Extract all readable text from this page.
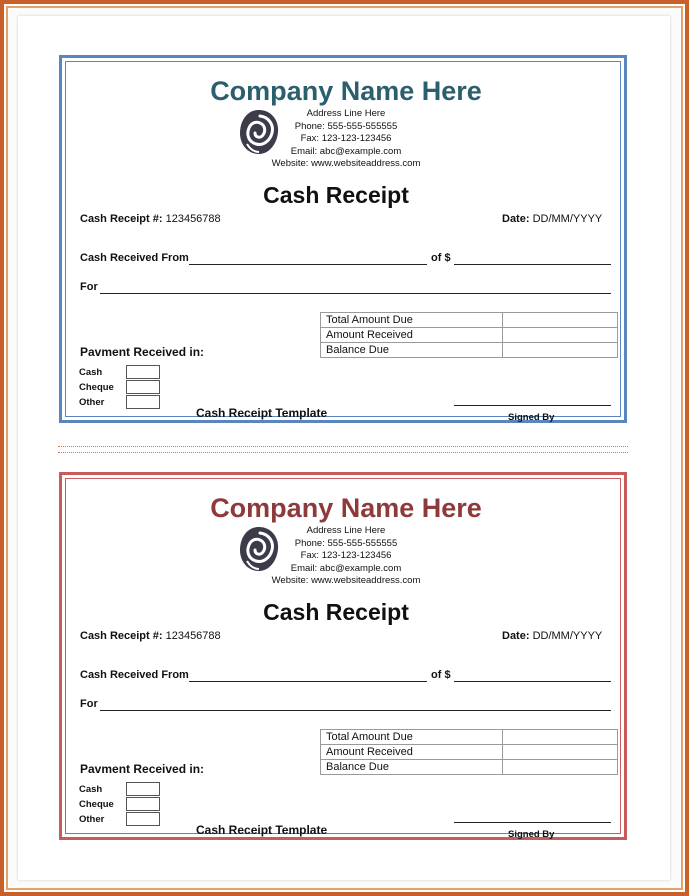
Company Name Here
Address Line Here
Phone: 555-555-555555
Fax: 123-123-123456
Email: abc@example.com
Website: www.websiteaddress.com
Cash Receipt
Cash Receipt #: 123456788	Date: DD/MM/YYYY
Cash Received From	of $
For
Total Amount Due	
Amount Received	
Balance Due	
Pavment Received in:
Cash
Cheque
Other
Cash Receipt Template	Signed By
Company Name Here
Address Line Here
Phone: 555-555-555555
Fax: 123-123-123456
Email: abc@example.com
Website: www.websiteaddress.com
Cash Receipt
Cash Receipt #: 123456788	Date: DD/MM/YYYY
Cash Received From	of $
For
Total Amount Due	
Amount Received	
Balance Due	
Pavment Received in:
Cash
Cheque
Other
Cash Receipt Template	Signed By
